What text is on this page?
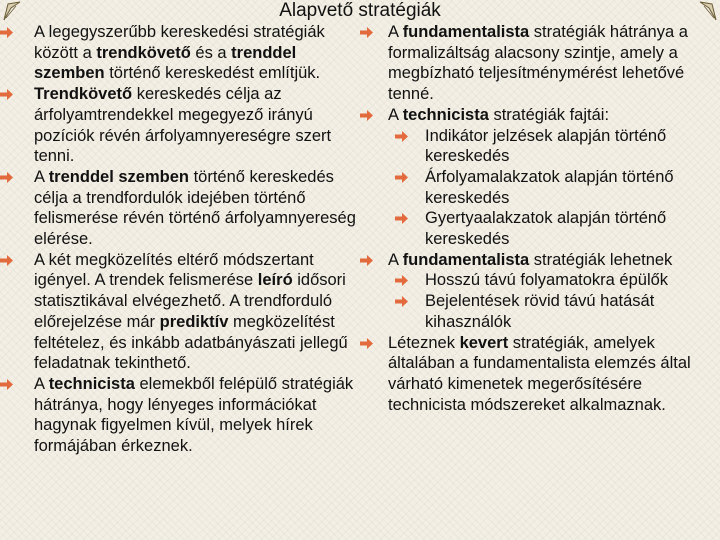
Alapvető stratégiák
A legegyszerűbb kereskedési stratégiák között a trendkövető és a trenddel szemben történő kereskedést említjük.
Trendkövető kereskedés célja az árfolyamtrendekkel megegyező irányú pozíciók révén árfolyamnyereségre szert tenni.
A trenddel szemben történő kereskedés célja a trendfordulók idejében történő felismerése révén történő árfolyamnyereség elérése.
A két megközelítés eltérő módszertant igényel. A trendek felismerése leíró idősori statisztikával elvégezhető. A trendforduló előrejelzése már prediktív megközelítést feltételez, és inkább adatbányászati jellegű feladatnak tekinthető.
A technicista elemekből felépülő stratégiák hátránya, hogy lényeges információkat hagynak figyelmen kívül, melyek hírek formájában érkeznek.
A fundamentalista stratégiák hátránya a formalizáltság alacsony szintje, amely a megbízható teljesítménymérést lehetővé tenné.
A technicista stratégiák fajtái:
Indikátor jelzések alapján történő kereskedés
Árfolyamalakzatok alapján történő kereskedés
Gyertyaalakzatok alapján történő kereskedés
A fundamentalista stratégiák lehetnek
Hosszú távú folyamatokra épülők
Bejelentések rövid távú hatását kihasználók
Léteznek kevert stratégiák, amelyek általában a fundamentalista elemzés által várható kimenetek megerősítésére technicista módszereket alkalmaznak.
